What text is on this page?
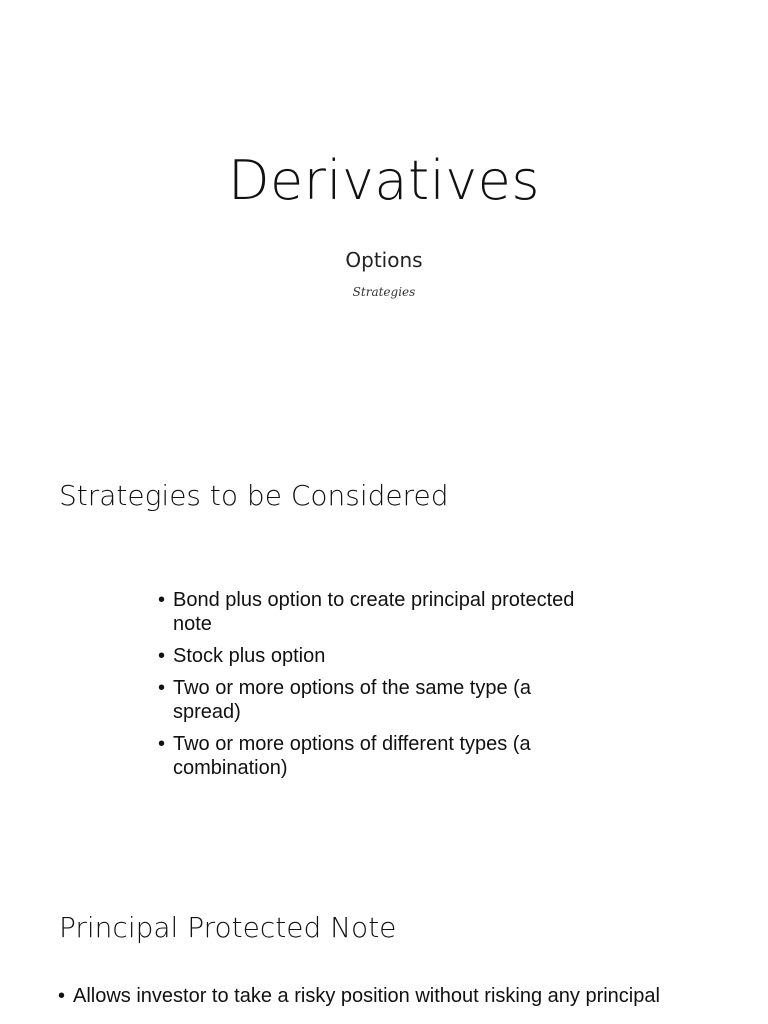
Derivatives
Options
Strategies
Strategies to be Considered
• Bond plus option to create principal protected note
• Stock plus option
• Two or more options of the same type (a spread)
• Two or more options of different types (a combination)
Principal Protected Note
• Allows investor to take a risky position without risking any principal
